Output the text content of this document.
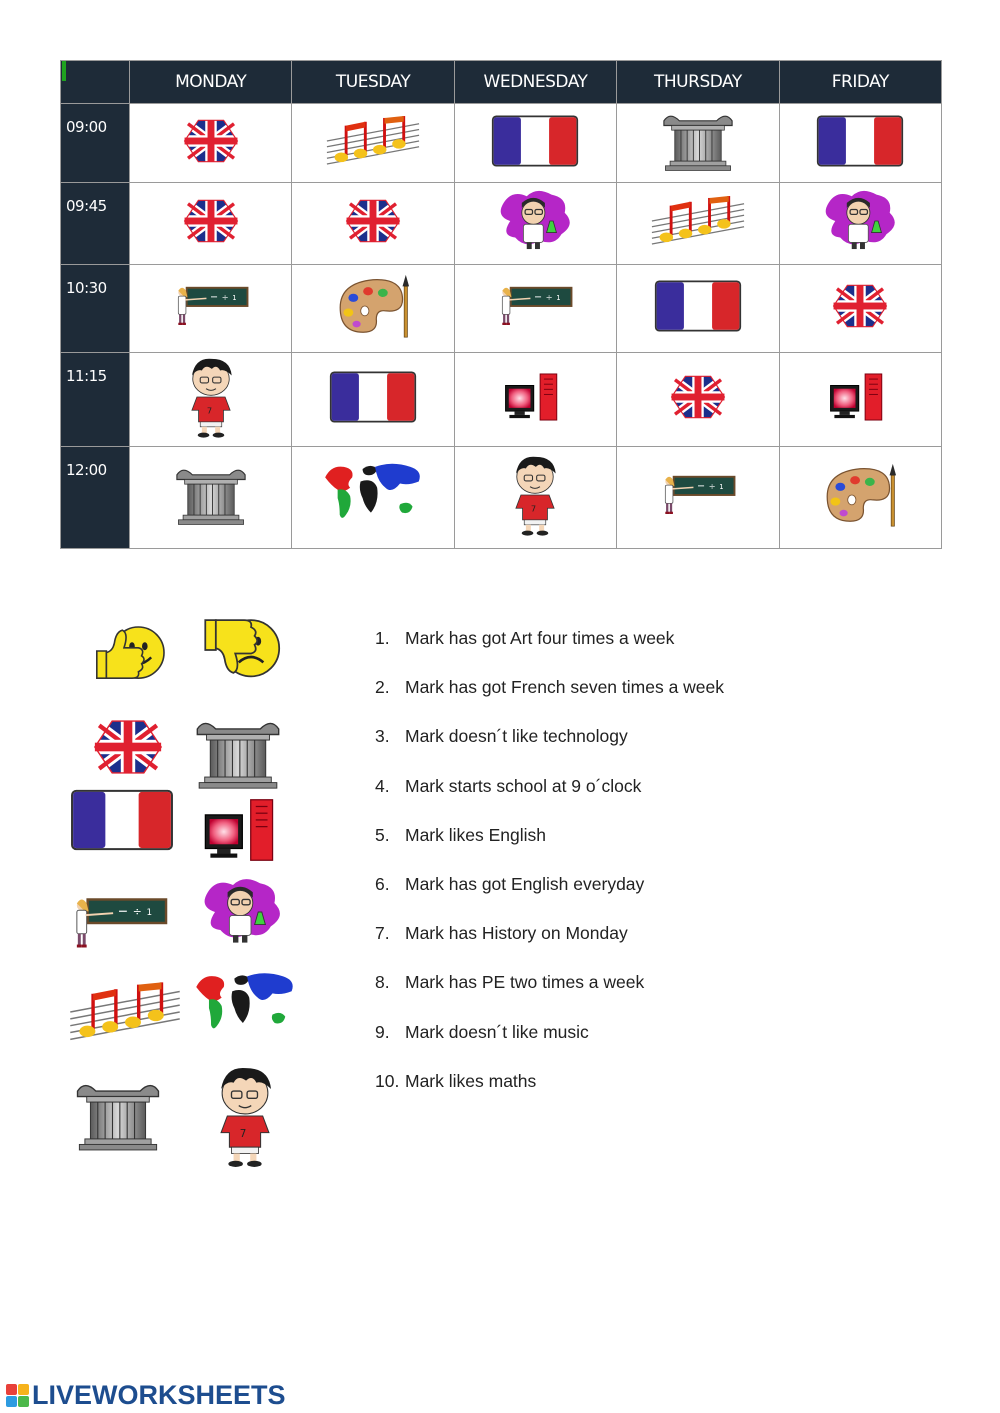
	MONDAY	TUESDAY	WEDNESDAY	THURSDAY	FRIDAY
09:00	

09:45	

10:30	

11:15	

12:00	

1. Mark has got Art four times a week
2. Mark has got French seven times a week
3. Mark doesn´t like technology
4. Mark starts school at 9 o´clock
5. Mark likes English
6. Mark has got English everyday
7. Mark has History on Monday
8. Mark has PE two times a week
9. Mark doesn´t like music
10. Mark likes maths
LIVEWORKSHEETS
